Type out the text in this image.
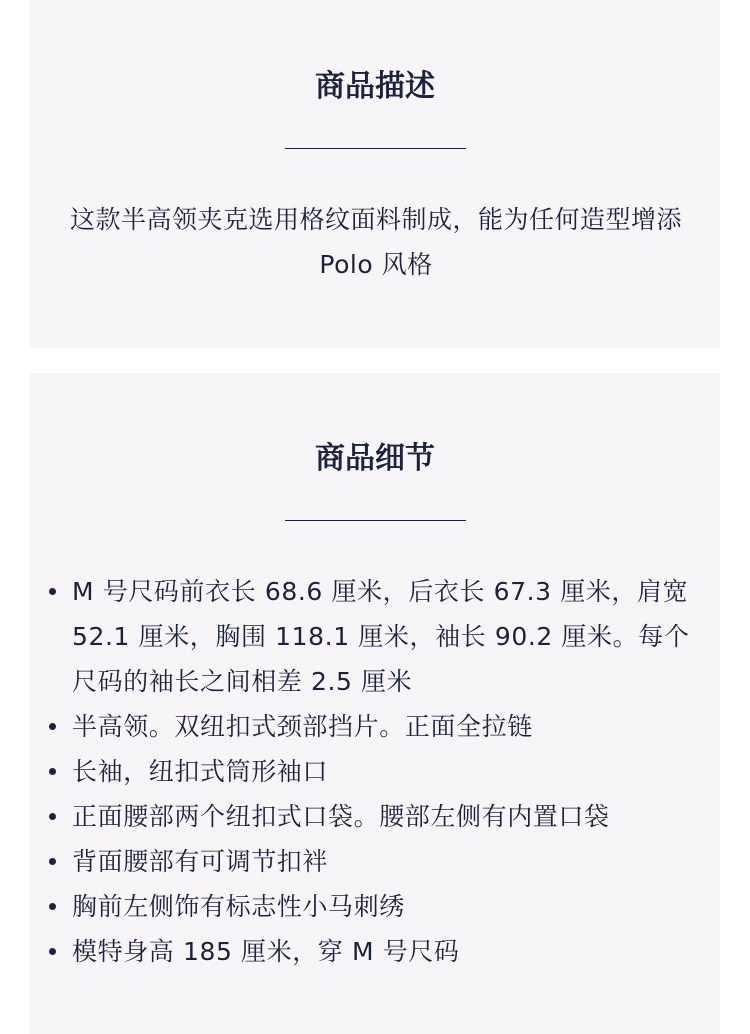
商品描述

这款半高领夹克选用格纹面料制成，能为任何造型增添 Polo 风格

商品细节
M 号尺码前衣长 68.6 厘米，后衣长 67.3 厘米，肩宽 52.1 厘米，胸围 118.1 厘米，袖长 90.2 厘米。每个尺码的袖长之间相差 2.5 厘米
半高领。双纽扣式颈部挡片。正面全拉链
长袖，纽扣式筒形袖口
正面腰部两个纽扣式口袋。腰部左侧有内置口袋
背面腰部有可调节扣袢
胸前左侧饰有标志性小马刺绣
模特身高 185 厘米，穿 M 号尺码
